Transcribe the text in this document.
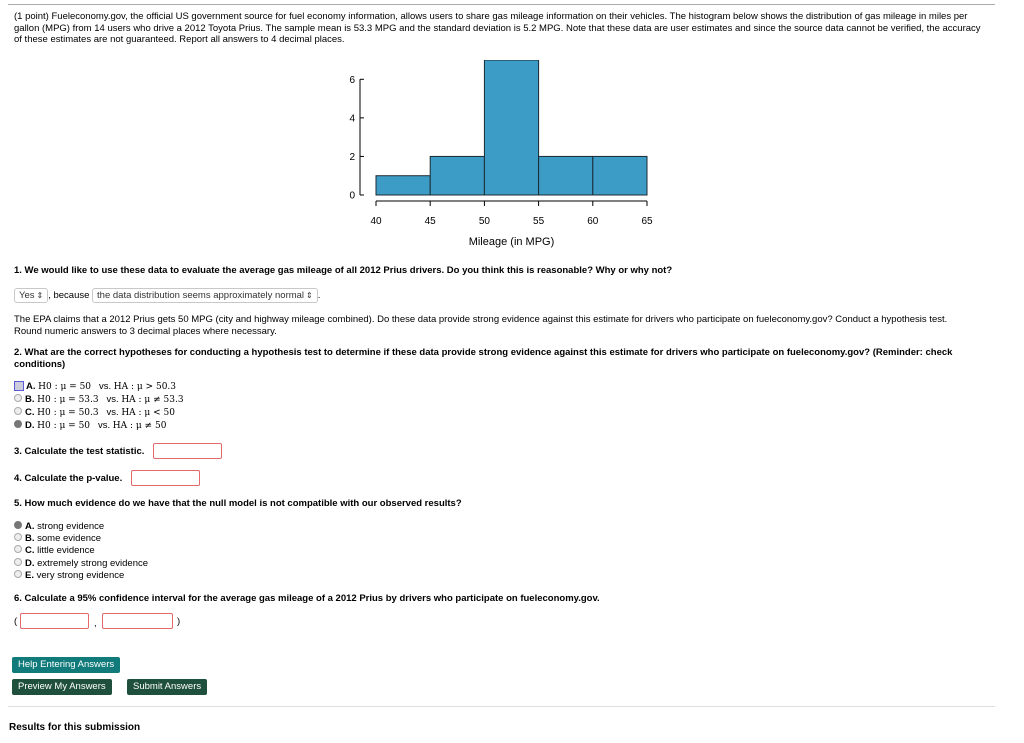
(1 point) Fueleconomy.gov, the official US government source for fuel economy information, allows users to share gas mileage information on their vehicles. The histogram below shows the distribution of gas mileage in miles per gallon (MPG) from 14 users who drive a 2012 Toyota Prius. The sample mean is 53.3 MPG and the standard deviation is 5.2 MPG. Note that these data are user estimates and since the source data cannot be verified, the accuracy of these estimates are not guaranteed. Report all answers to 4 decimal places.
0
2
4
6
40	45	50	55	60	65
Mileage (in MPG)
1. We would like to use these data to evaluate the average gas mileage of all 2012 Prius drivers. Do you think this is reasonable? Why or why not?
Yes ⇕ , because the data distribution seems approximately normal ⇕ .
The EPA claims that a 2012 Prius gets 50 MPG (city and highway mileage combined). Do these data provide strong evidence against this estimate for drivers who participate on fueleconomy.gov? Conduct a hypothesis test. Round numeric answers to 3 decimal places where necessary.
2. What are the correct hypotheses for conducting a hypothesis test to determine if these data provide strong evidence against this estimate for drivers who participate on fueleconomy.gov? (Reminder: check conditions)
A. H0 : μ = 50 vs. HA : μ > 50.3
B. H0 : μ = 53.3 vs. HA : μ ≠ 53.3
C. H0 : μ = 50.3 vs. HA : μ < 50
D. H0 : μ = 50 vs. HA : μ ≠ 50
3. Calculate the test statistic.
4. Calculate the p-value.
5. How much evidence do we have that the null model is not compatible with our observed results?
A. strong evidence
B. some evidence
C. little evidence
D. extremely strong evidence
E. very strong evidence
6. Calculate a 95% confidence interval for the average gas mileage of a 2012 Prius by drivers who participate on fueleconomy.gov.
(	,	)
Help Entering Answers
Preview My Answers	Submit Answers
Results for this submission
